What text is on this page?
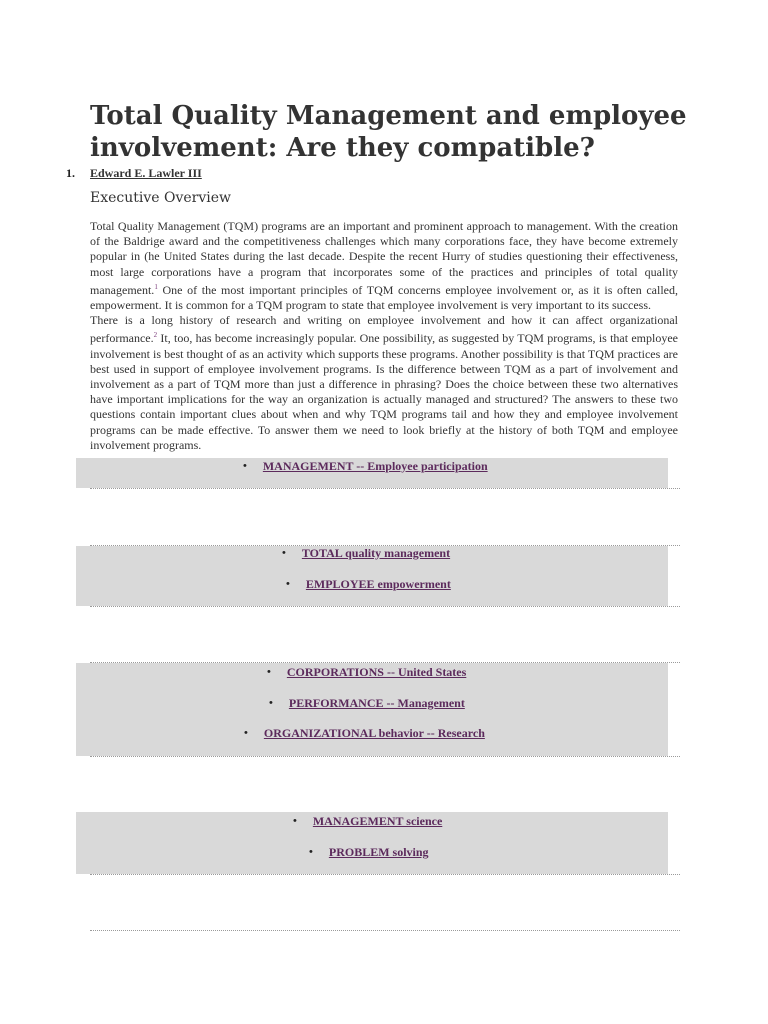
Total Quality Management and employee involvement: Are they compatible?
1. Edward E. Lawler III
Executive Overview

Total Quality Management (TQM) programs are an important and prominent approach to management. With the creation of the Baldrige award and the competitiveness challenges which many corporations face, they have become extremely popular in (he United States during the last decade. Despite the recent Hurry of studies questioning their effectiveness, most large corporations have a program that incorporates some of the practices and principles of total quality management.$^1$ One of the most important principles of TQM concerns employee involvement or, as it is often called, empowerment. It is common for a TQM program to state that employee involvement is very important to its success.

There is a long history of research and writing on employee involvement and how it can affect organizational performance.$^2$ It, too, has become increasingly popular. One possibility, as suggested by TQM programs, is that employee involvement is best thought of as an activity which supports these programs. Another possibility is that TQM practices are best used in support of employee involvement programs. Is the difference between TQM as a part of involvement and involvement as a part of TQM more than just a difference in phrasing? Does the choice between these two alternatives have important implications for the way an organization is actually managed and structured? The answers to these two questions contain important clues about when and why TQM programs tail and how they and employee involvement programs can be made effective. To answer them we need to look briefly at the history of both TQM and employee involvement programs.

• MANAGEMENT -- Employee participation
• TOTAL quality management
• EMPLOYEE empowerment
• CORPORATIONS -- United States
• PERFORMANCE -- Management
• ORGANIZATIONAL behavior -- Research
• MANAGEMENT science
• PROBLEM solving
